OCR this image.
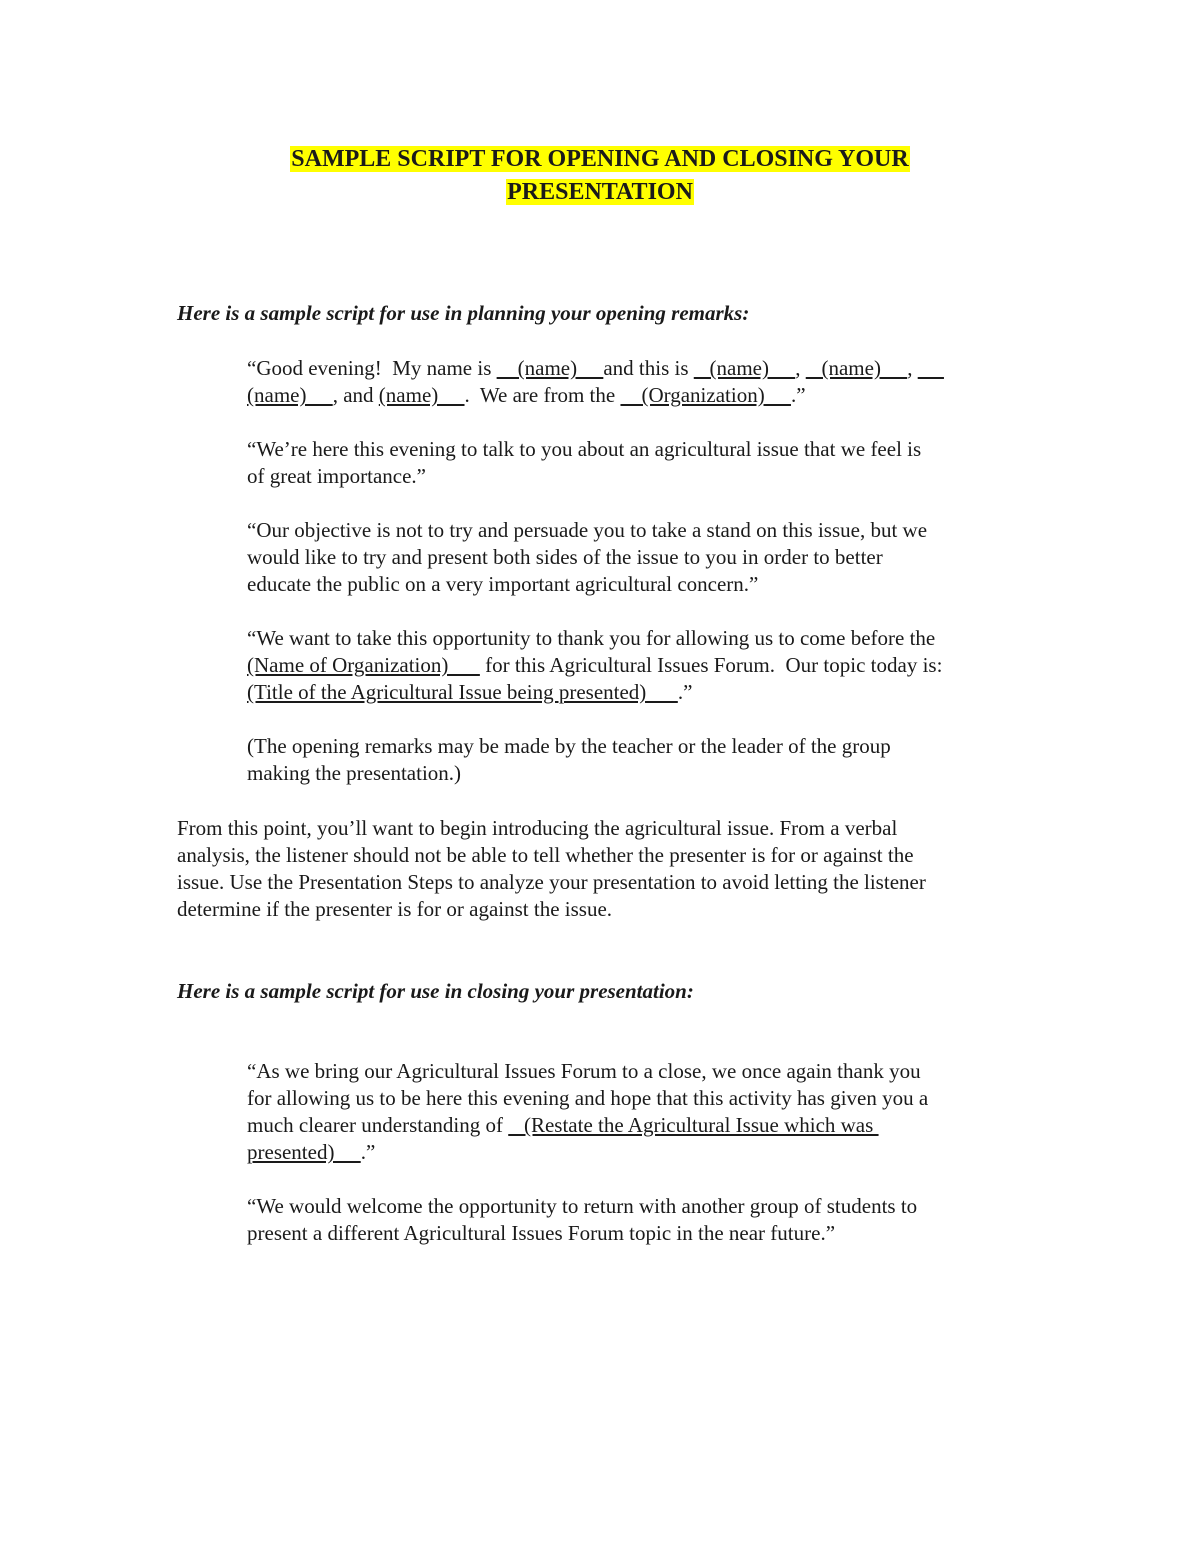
SAMPLE SCRIPT FOR OPENING AND CLOSING YOUR
PRESENTATION
Here is a sample script for use in planning your opening remarks:
“Good evening!  My name is     (name)     and this is    (name)     ,    (name)     ,
(name)     , and (name)     .  We are from the     (Organization)     .”
“We’re here this evening to talk to you about an agricultural issue that we feel is
of great importance.”
“Our objective is not to try and persuade you to take a stand on this issue, but we
would like to try and present both sides of the issue to you in order to better
educate the public on a very important agricultural concern.”
“We want to take this opportunity to thank you for allowing us to come before the
(Name of Organization)       for this Agricultural Issues Forum.  Our topic today is:
(Title of the Agricultural Issue being presented)      .”
(The opening remarks may be made by the teacher or the leader of the group
making the presentation.)
From this point, you’ll want to begin introducing the agricultural issue. From a verbal
analysis, the listener should not be able to tell whether the presenter is for or against the
issue. Use the Presentation Steps to analyze your presentation to avoid letting the listener
determine if the presenter is for or against the issue.
Here is a sample script for use in closing your presentation:
“As we bring our Agricultural Issues Forum to a close, we once again thank you
for allowing us to be here this evening and hope that this activity has given you a
much clearer understanding of    (Restate the Agricultural Issue which was
presented)     .”
“We would welcome the opportunity to return with another group of students to
present a different Agricultural Issues Forum topic in the near future.”
